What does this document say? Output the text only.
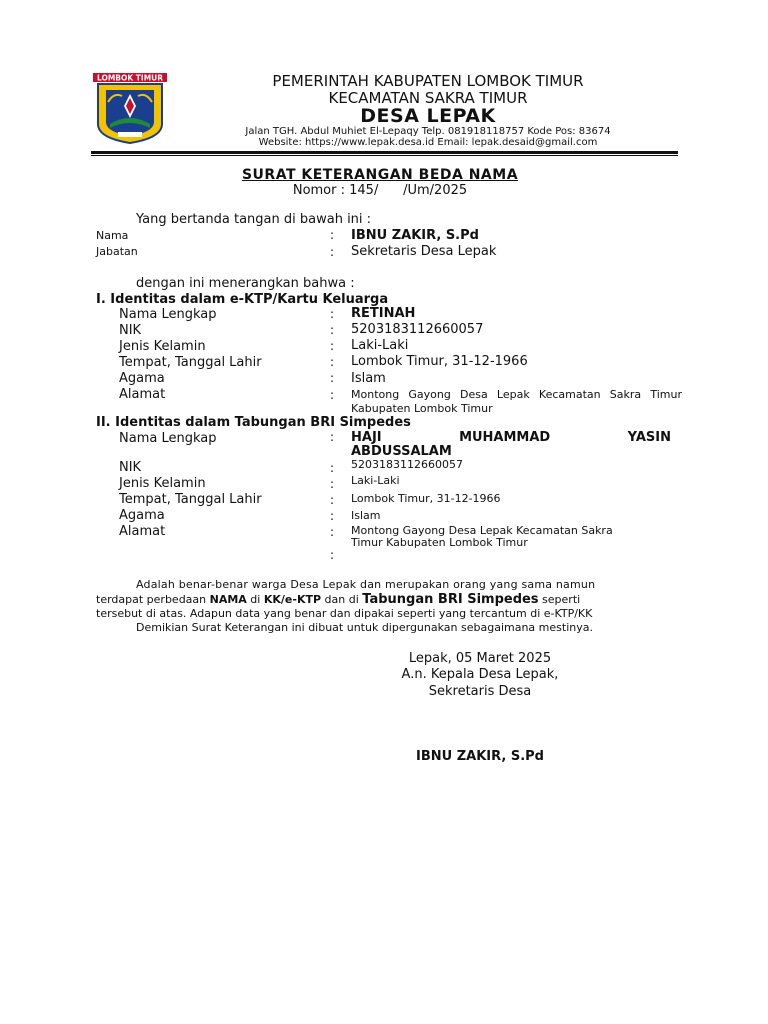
LOMBOK TIMUR	PEMERINTAH KABUPATEN LOMBOK TIMUR
KECAMATAN SAKRA TIMUR
DESA LEPAK
Jalan TGH. Abdul Muhiet El-Lepaqy Telp. 081918118757 Kode Pos: 83674
Website: https://www.lepak.desa.id Email: lepak.desaid@gmail.com
SURAT KETERANGAN BEDA NAMA
Nomor : 145/      /Um/2025
Yang bertanda tangan di bawah ini :
Nama	: IBNU ZAKIR, S.Pd
Jabatan	: Sekretaris Desa Lepak
dengan ini menerangkan bahwa :
I. Identitas dalam e-KTP/Kartu Keluarga
Nama Lengkap	: RETINAH
NIK	: 5203183112660057
Jenis Kelamin	: Laki-Laki
Tempat, Tanggal Lahir	: Lombok Timur, 31-12-1966
Agama	: Islam
Alamat	: Montong Gayong Desa Lepak Kecamatan Sakra Timur Kabupaten Lombok Timur
II. Identitas dalam Tabungan BRI Simpedes
Nama Lengkap	: HAJI	MUHAMMAD	YASIN
ABDUSSALAM
NIK	: 5203183112660057
Jenis Kelamin	: Laki-Laki
Tempat, Tanggal Lahir	: Lombok Timur, 31-12-1966
Agama	: Islam
Alamat	: Montong Gayong Desa Lepak Kecamatan Sakra
Timur Kabupaten Lombok Timur
:
Adalah benar-benar warga Desa Lepak dan merupakan orang yang sama namun
terdapat perbedaan NAMA di KK/e-KTP dan di Tabungan BRI Simpedes seperti
tersebut di atas. Adapun data yang benar dan dipakai seperti yang tercantum di e-KTP/KK
Demikian Surat Keterangan ini dibuat untuk dipergunakan sebagaimana mestinya.
Lepak, 05 Maret 2025
A.n. Kepala Desa Lepak,
Sekretaris Desa
IBNU ZAKIR, S.Pd
